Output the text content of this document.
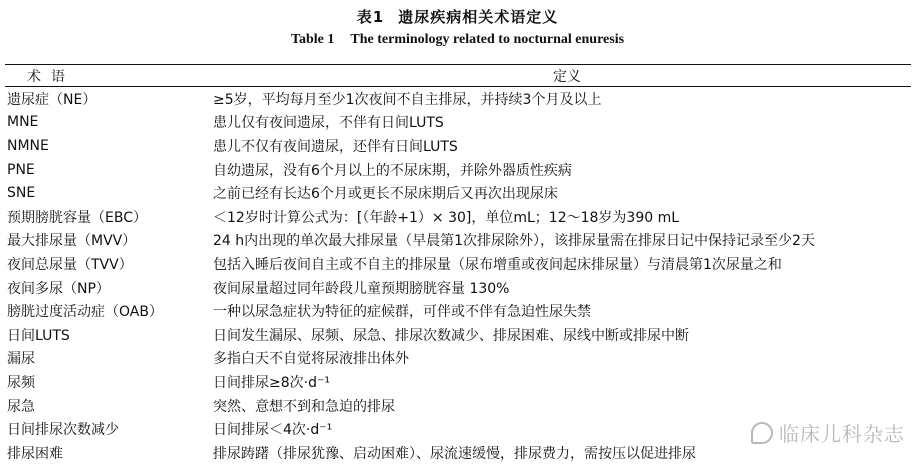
表1 遗尿疾病相关术语定义
Table 1 The terminology related to nocturnal enuresis
术语	定义
遗尿症（NE）	≥5岁，平均每月至少1次夜间不自主排尿，并持续3个月及以上
MNE	患儿仅有夜间遗尿，不伴有日间LUTS
NMNE	患儿不仅有夜间遗尿，还伴有日间LUTS
PNE	自幼遗尿，没有6个月以上的不尿床期，并除外器质性疾病
SNE	之前已经有长达6个月或更长不尿床期后又再次出现尿床
预期膀胱容量（EBC）	＜12岁时计算公式为：[（年龄+1）× 30]，单位mL；12～18岁为390 mL
最大排尿量（MVV）	24 h内出现的单次最大排尿量（早晨第1次排尿除外），该排尿量需在排尿日记中保持记录至少2天
夜间总尿量（TVV）	包括入睡后夜间自主或不自主的排尿量（尿布增重或夜间起床排尿量）与清晨第1次尿量之和
夜间多尿（NP）	夜间尿量超过同年龄段儿童预期膀胱容量 130%
膀胱过度活动症（OAB）	一种以尿急症状为特征的症候群，可伴或不伴有急迫性尿失禁
日间LUTS	日间发生漏尿、尿频、尿急、排尿次数减少、排尿困难、尿线中断或排尿中断
漏尿	多指白天不自觉将尿液排出体外
尿频	日间排尿≥8次·d⁻¹
尿急	突然、意想不到和急迫的排尿
日间排尿次数减少	日间排尿＜4次·d⁻¹
排尿困难	排尿踌躇（排尿犹豫、启动困难）、尿流速缓慢，排尿费力，需按压以促进排尿
临床儿科杂志
